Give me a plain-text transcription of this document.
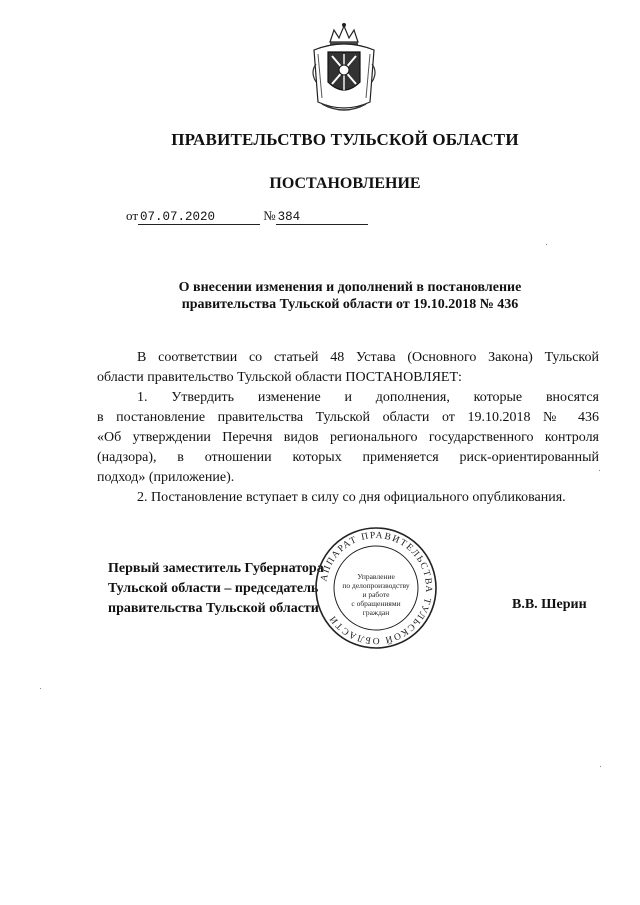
ПРАВИТЕЛЬСТВО ТУЛЬСКОЙ ОБЛАСТИ
ПОСТАНОВЛЕНИЕ
от 07.07.2020	№ 384
О внесении изменения и дополнений в постановление
правительства Тульской области от 19.10.2018 № 436

В соответствии со статьей 48 Устава (Основного Закона) Тульской

области правительство Тульской области ПОСТАНОВЛЯЕТ:

1. Утвердить изменение и дополнения, которые вносятся

в постановление правительства Тульской области от 19.10.2018 № 436

«Об утверждении Перечня видов регионального государственного контроля

(надзора), в отношении которых применяется риск-ориентированный

подход» (приложение).

2. Постановление вступает в силу со дня официального опубликования.

Первый заместитель Губернатора
Тульской области – председатель
правительства Тульской области	В.В. Шерин
АППАРАТ ПРАВИТЕЛЬСТВА ТУЛЬСКОЙ ОБЛАСТИ
Управление
по делопроизводству
и работе
с обращениями
граждан
